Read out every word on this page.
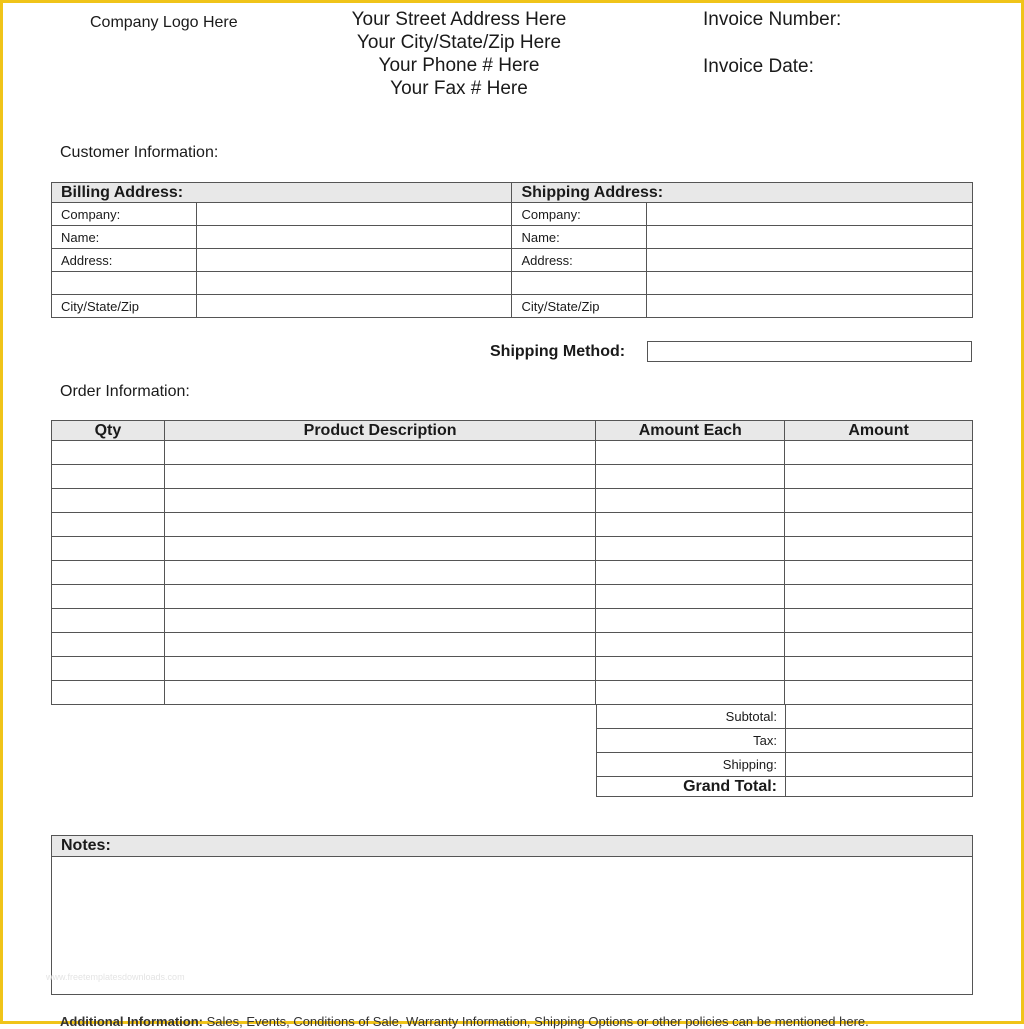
Company Logo Here	Your Street Address Here
Your City/State/Zip Here
Your Phone # Here
Your Fax # Here
Invoice Number:
Invoice Date:
Customer Information:
Billing Address:		Shipping Address:	
Company:		Company:	
Name:		Name:	
Address:		Address:	

City/State/Zip		City/State/Zip	
Shipping Method:
Order Information:
Qty	Product Description	Amount Each	Amount

Subtotal:	
Tax:	
Shipping:	
Grand Total:	
Notes:
www.freetemplatesdownloads.com
Additional Information: Sales, Events, Conditions of Sale, Warranty Information, Shipping Options or other policies can be mentioned here.
